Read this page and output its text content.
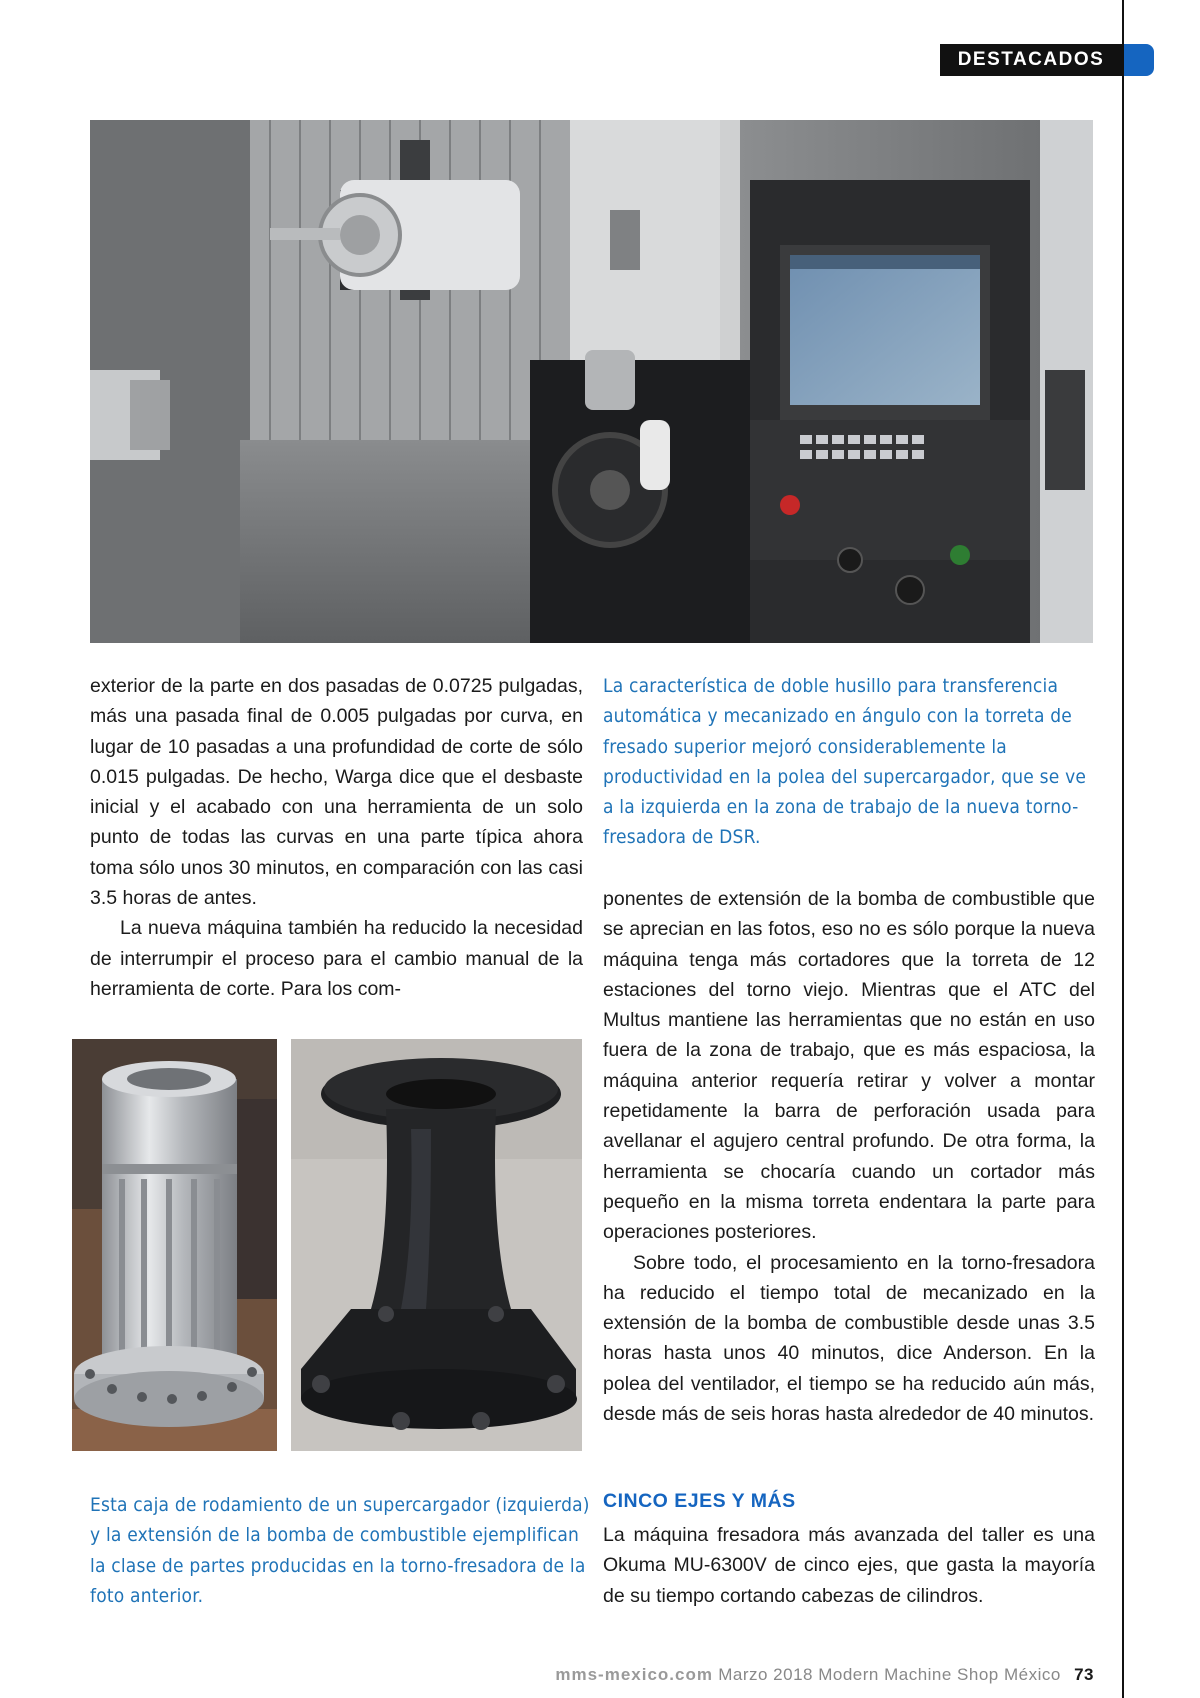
DESTACADOS

exterior de la parte en dos pasadas de 0.0725 pulgadas, más una pasada final de 0.005 pulgadas por curva, en lugar de 10 pasadas a una profundidad de corte de sólo 0.015 pulgadas. De hecho, Warga dice que el desbaste inicial y el acabado con una herramienta de un solo punto de todas las curvas en una parte típica ahora toma sólo unos 30 minutos, en comparación con las casi 3.5 horas de antes.

La nueva máquina también ha reducido la necesidad de interrumpir el proceso para el cambio manual de la herramienta de corte. Para los com-

La característica de doble husillo para transferencia automática y mecanizado en ángulo con la torreta de fresado superior mejoró considerablemente la productividad en la polea del supercargador, que se ve a la izquierda en la zona de trabajo de la nueva torno-fresadora de DSR.

ponentes de extensión de la bomba de combustible que se aprecian en las fotos, eso no es sólo porque la nueva máquina tenga más cortadores que la torreta de 12 estaciones del torno viejo. Mientras que el ATC del Multus mantiene las herramientas que no están en uso fuera de la zona de trabajo, que es más espaciosa, la máquina anterior requería retirar y volver a montar repetidamente la barra de perforación usada para avellanar el agujero central profundo. De otra forma, la herramienta se chocaría cuando un cortador más pequeño en la misma torreta endentara la parte para operaciones posteriores.

Sobre todo, el procesamiento en la torno-fresadora ha reducido el tiempo total de mecanizado en la extensión de la bomba de combustible desde unas 3.5 horas hasta unos 40 minutos, dice Anderson. En la polea del ventilador, el tiempo se ha reducido aún más, desde más de seis horas hasta alrededor de 40 minutos.

Esta caja de rodamiento de un supercargador (izquierda) y la extensión de la bomba de combustible ejemplifican la clase de partes producidas en la torno-fresadora de la foto anterior.
CINCO EJES Y MÁS

La máquina fresadora más avanzada del taller es una Okuma MU-6300V de cinco ejes, que gasta la mayoría de su tiempo cortando cabezas de cilindros.

mms-mexico.com Marzo 2018 Modern Machine Shop México 73
